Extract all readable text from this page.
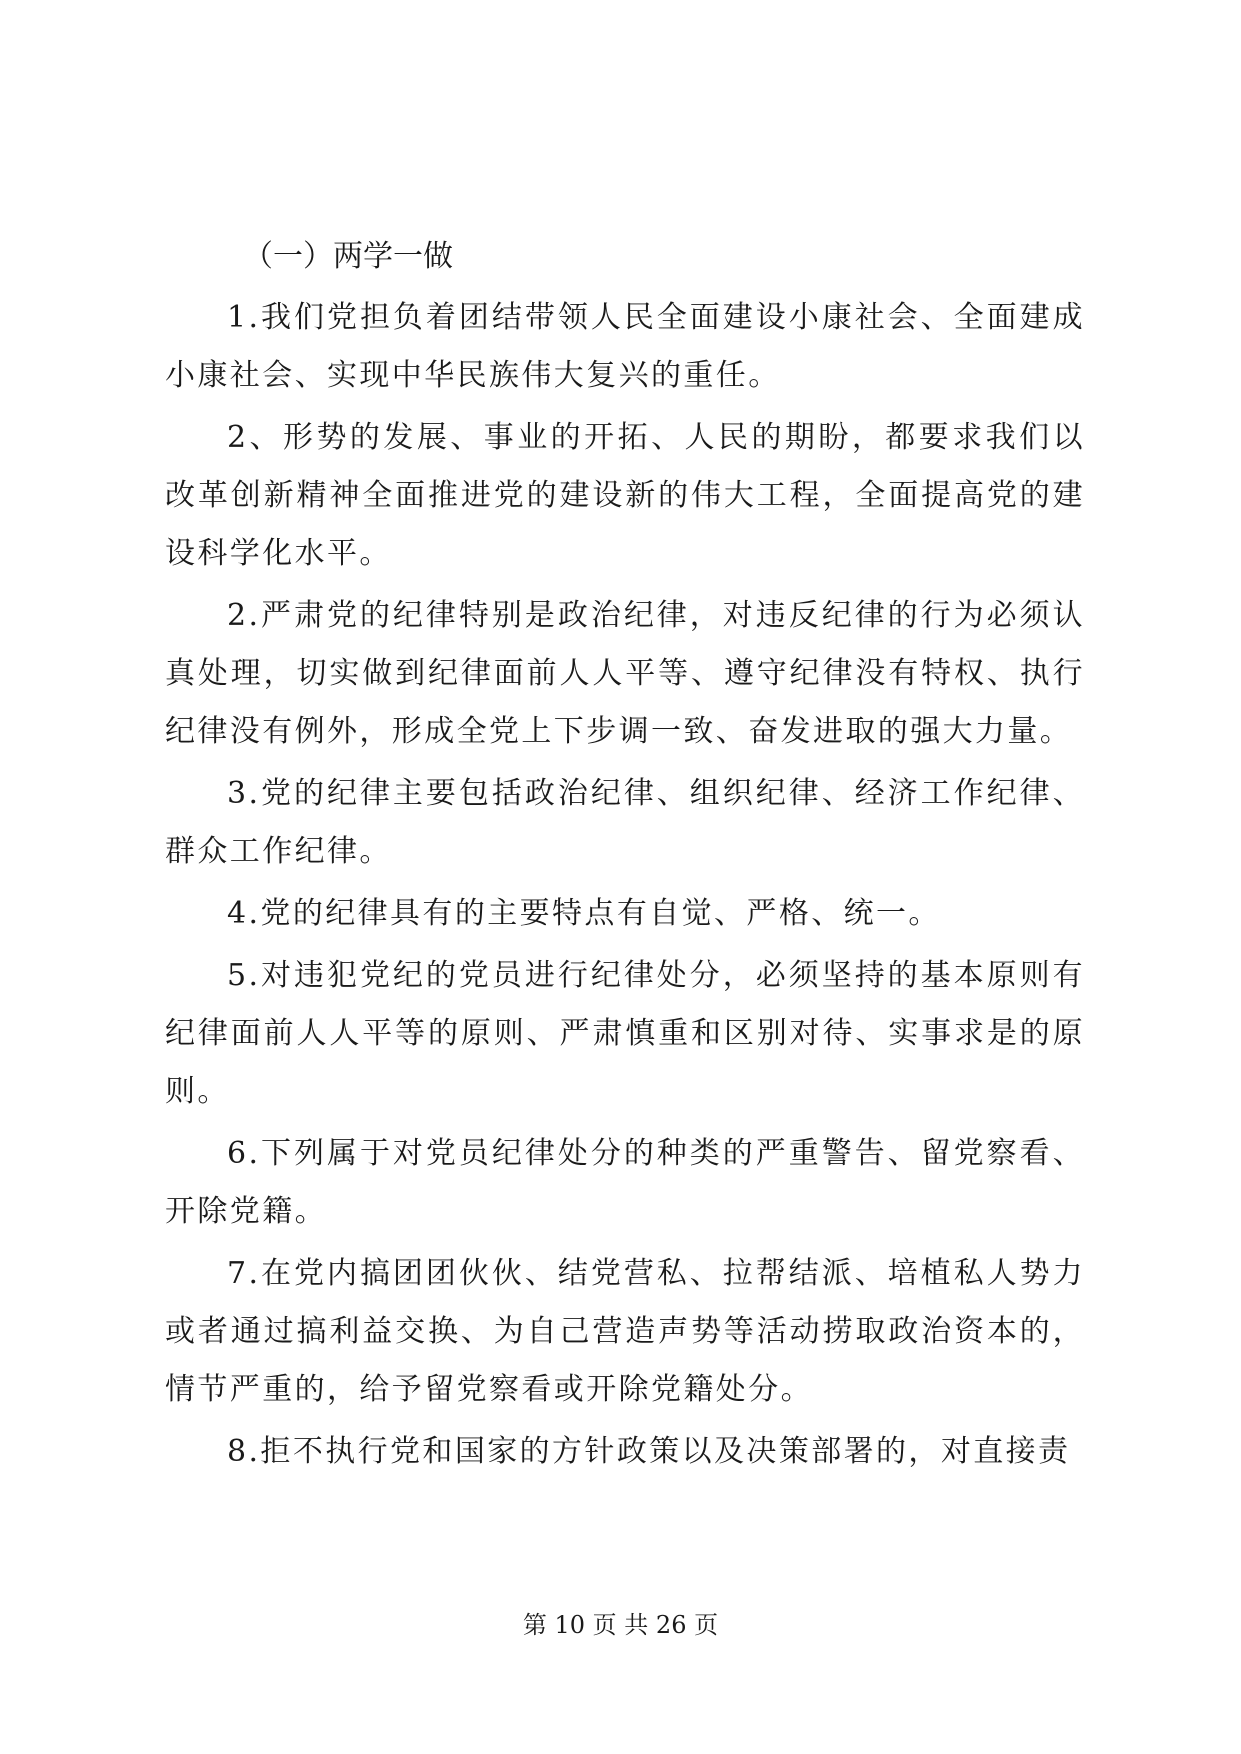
（一）两学一做

1.我们党担负着团结带领人民全面建设小康社会、全面建成小康社会、实现中华民族伟大复兴的重任。

2、形势的发展、事业的开拓、人民的期盼，都要求我们以改革创新精神全面推进党的建设新的伟大工程，全面提高党的建设科学化水平。

2.严肃党的纪律特别是政治纪律，对违反纪律的行为必须认真处理，切实做到纪律面前人人平等、遵守纪律没有特权、执行纪律没有例外，形成全党上下步调一致、奋发进取的强大力量。

3.党的纪律主要包括政治纪律、组织纪律、经济工作纪律、群众工作纪律。

4.党的纪律具有的主要特点有自觉、严格、统一。

5.对违犯党纪的党员进行纪律处分，必须坚持的基本原则有纪律面前人人平等的原则、严肃慎重和区别对待、实事求是的原则。

6.下列属于对党员纪律处分的种类的严重警告、留党察看、开除党籍。

7.在党内搞团团伙伙、结党营私、拉帮结派、培植私人势力或者通过搞利益交换、为自己营造声势等活动捞取政治资本的，情节严重的，给予留党察看或开除党籍处分。

8.拒不执行党和国家的方针政策以及决策部署的，对直接责

第 10 页 共 26 页
